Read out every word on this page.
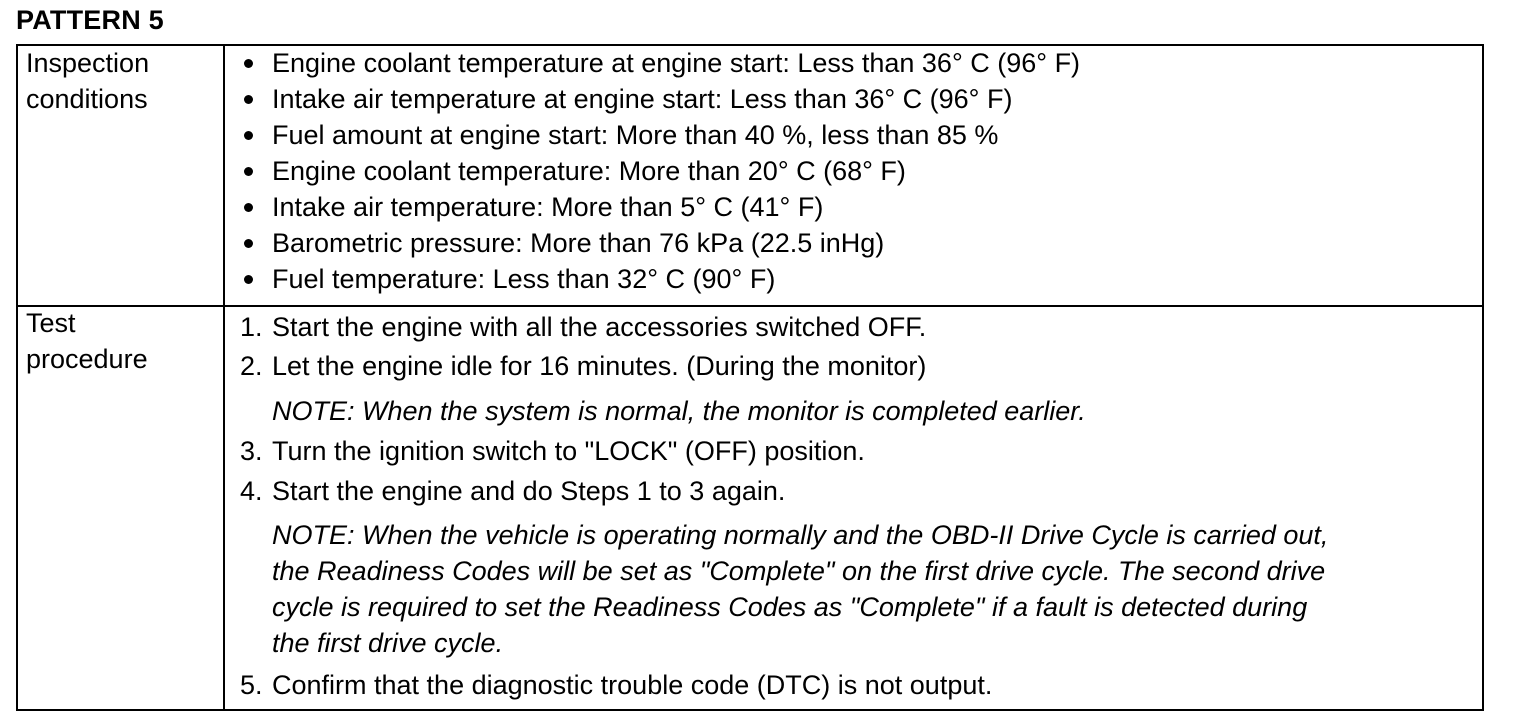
PATTERN 5
Inspection
conditions
Engine coolant temperature at engine start: Less than 36° C (96° F)
Intake air temperature at engine start: Less than 36° C (96° F)
Fuel amount at engine start: More than 40 %, less than 85 %
Engine coolant temperature: More than 20° C (68° F)
Intake air temperature: More than 5° C (41° F)
Barometric pressure: More than 76 kPa (22.5 inHg)
Fuel temperature: Less than 32° C (90° F)
Test
procedure
1. Start the engine with all the accessories switched OFF.
2. Let the engine idle for 16 minutes. (During the monitor)
NOTE: When the system is normal, the monitor is completed earlier.
3. Turn the ignition switch to "LOCK" (OFF) position.
4. Start the engine and do Steps 1 to 3 again.
NOTE: When the vehicle is operating normally and the OBD-II Drive Cycle is carried out,
the Readiness Codes will be set as "Complete" on the first drive cycle. The second drive
cycle is required to set the Readiness Codes as "Complete" if a fault is detected during
the first drive cycle.
5. Confirm that the diagnostic trouble code (DTC) is not output.
